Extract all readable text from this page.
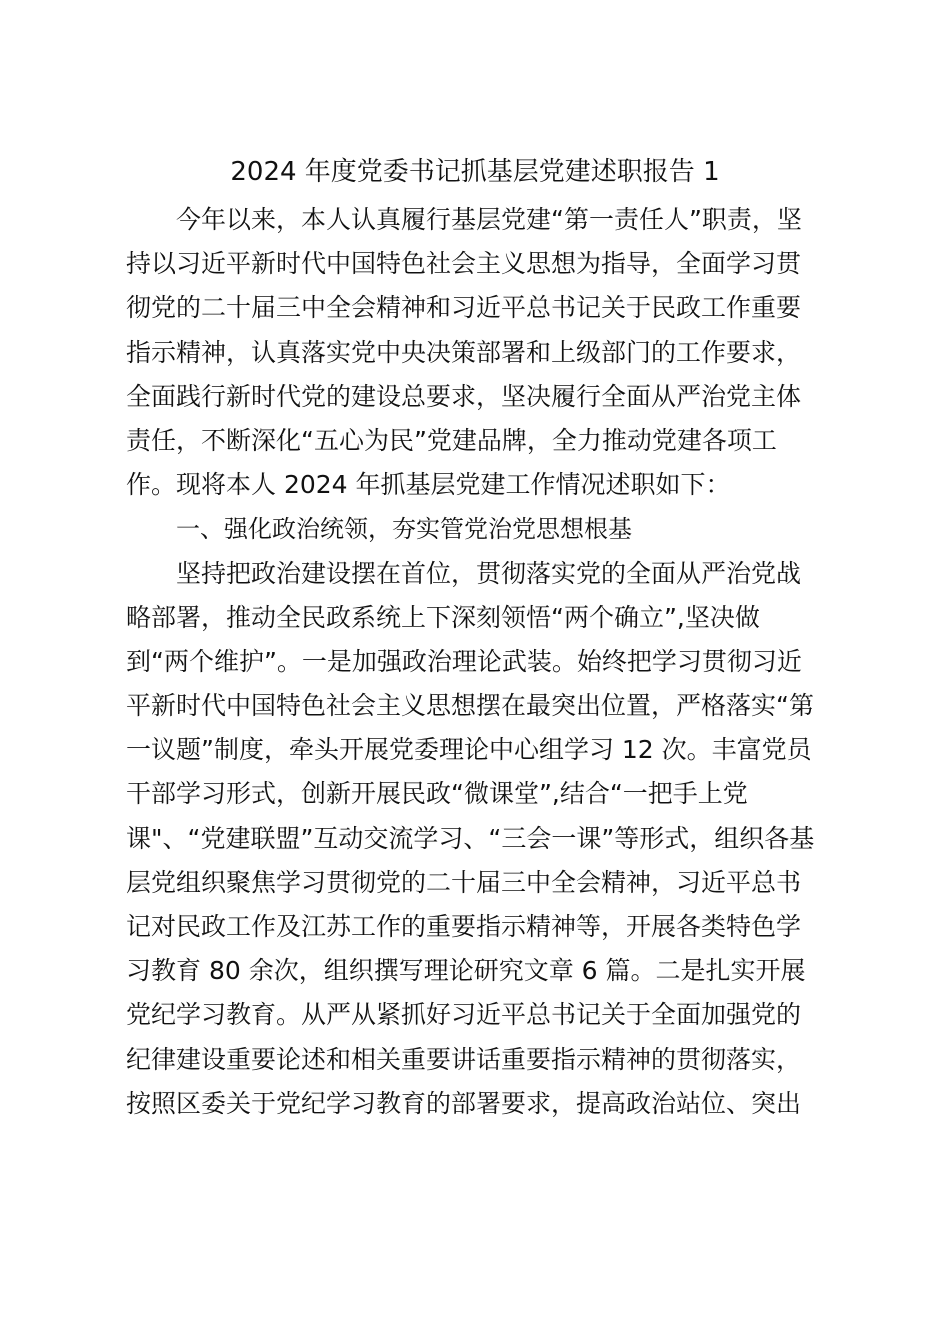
2024 年度党委书记抓基层党建述职报告 1
今年以来，本人认真履行基层党建“第一责任人”职责，坚
持以习近平新时代中国特色社会主义思想为指导，全面学习贯
彻党的二十届三中全会精神和习近平总书记关于民政工作重要
指示精神，认真落实党中央决策部署和上级部门的工作要求，
全面践行新时代党的建设总要求，坚决履行全面从严治党主体
责任，不断深化“五心为民”党建品牌，全力推动党建各项工
作。现将本人 2024 年抓基层党建工作情况述职如下：
一、强化政治统领，夯实管党治党思想根基
坚持把政治建设摆在首位，贯彻落实党的全面从严治党战
略部署，推动全民政系统上下深刻领悟“两个确立”,坚决做
到“两个维护”。一是加强政治理论武装。始终把学习贯彻习近
平新时代中国特色社会主义思想摆在最突出位置，严格落实“第
一议题”制度，牵头开展党委理论中心组学习 12 次。丰富党员
干部学习形式，创新开展民政“微课堂”,结合“一把手上党
课"、“党建联盟”互动交流学习、“三会一课”等形式，组织各基
层党组织聚焦学习贯彻党的二十届三中全会精神，习近平总书
记对民政工作及江苏工作的重要指示精神等，开展各类特色学
习教育 80 余次，组织撰写理论研究文章 6 篇。二是扎实开展
党纪学习教育。从严从紧抓好习近平总书记关于全面加强党的
纪律建设重要论述和相关重要讲话重要指示精神的贯彻落实，
按照区委关于党纪学习教育的部署要求，提高政治站位、突出
